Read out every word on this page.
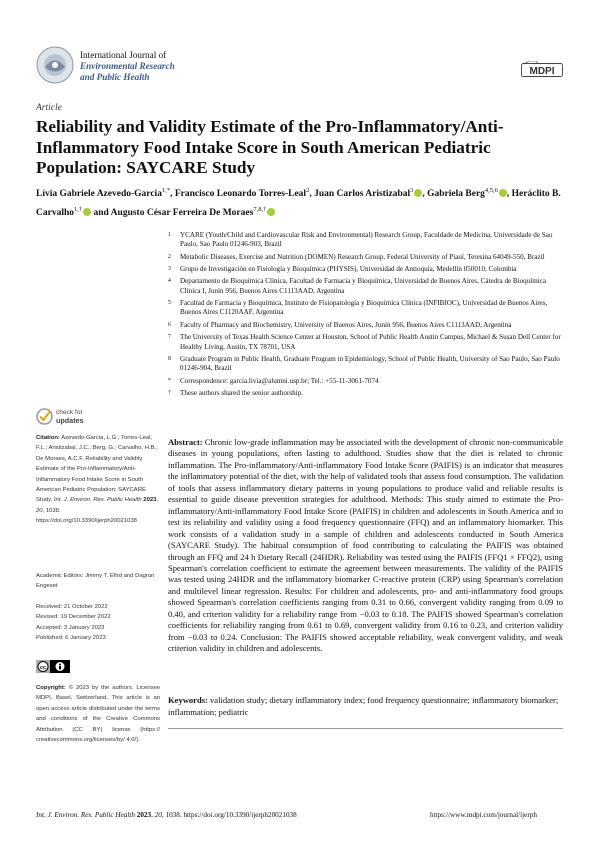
International Journal of
Environmental Research
and Public Health	MDPI
Article
Reliability and Validity Estimate of the Pro-Inflammatory/Anti-Inflammatory Food Intake Score in South American Pediatric Population: SAYCARE Study
Lívia Gabriele Azevedo-Garcia$^{1,*}$, Francisco Leonardo Torres-Leal$^2$, Juan Carlos Aristizabal$^3$ , Gabriela Berg$^{4,5,6}$ , Heráclito B. Carvalho$^{1,\dagger}$ and Augusto César Ferreira De Moraes$^{7,8,\dagger}$
1	YCARE (Youth/Child and Cardiovascular Risk and Environmental) Research Group, Faculdade de Medicina, Universidade de Sao Paulo, Sao Paulo 01246-903, Brazil
2	Metabolic Diseases, Exercise and Nutrition (DOMEN) Research Group, Federal University of Piauí, Teresina 64049-550, Brazil
3	Grupo de Investigación en Fisiología y Bioquímica (PHYSIS), Universidad de Antioquia, Medellín 050010, Colombia
4	Departamento de Bioquímica Clínica, Facultad de Farmacia y Bioquímica, Universidad de Buenos Aires, Cátedra de Bioquímica Clínica I, Junín 956, Buenos Aires C1113AAD, Argentina
5	Facultad de Farmacia y Bioquímica, Instituto de Fisiopatología y Bioquímica Clínica (INFIBIOC), Universidad de Buenos Aires, Buenos Aires C1120AAF, Argentina
6	Faculty of Pharmacy and Biochemistry, University of Buenos Aires, Junín 956, Buenos Aires C1113AAD, Argentina
7	The University of Texas Health Science Center at Houston, School of Public Health Austin Campus, Michael & Susan Dell Center for Healthy Living, Austin, TX 78701, USA
8	Graduate Program in Public Health, Graduate Program in Epidemiology, School of Public Health, University of Sao Paulo, Sao Paulo 01246-904, Brazil
*	Correspondence: garcia.livia@alumni.usp.br; Tel.: +55-11-3061-7074
†	These authors shared the senior authorship.
check for
updates
Citation: Azevedo-Garcia, L.G.; Torres-Leal, F.L.; Aristizabal, J.C.; Berg, G.; Carvalho, H.B.; De Moraes, A.C.F. Reliability and Validity Estimate of the Pro-Inflammatory/Anti-Inflammatory Food Intake Score in South American Pediatric Population: SAYCARE Study. Int. J. Environ. Res. Public Health 2023, 20, 1038. https://doi.org/10.3390/ijerph20021038
Academic Editors: Jimmy T. Efird and Dagrun Engeset
Received: 21 October 2022
Revised: 19 December 2022
Accepted: 3 January 2023
Published: 6 January 2023
cc
Copyright: © 2023 by the authors. Licensee MDPI, Basel, Switzerland. This article is an open access article distributed under the terms and conditions of the Creative Commons Attribution (CC BY) license (https:// creativecommons.org/licenses/by/ 4.0/).
Abstract: Chronic low-grade inflammation may be associated with the development of chronic non-communicable diseases in young populations, often lasting to adulthood. Studies show that the diet is related to chronic inflammation. The Pro-inflammatory/Anti-inflammatory Food Intake Score (PAIFIS) is an indicator that measures the inflammatory potential of the diet, with the help of validated tools that assess food consumption. The validation of tools that assess inflammatory dietary patterns in young populations to produce valid and reliable results is essential to guide disease prevention strategies for adulthood. Methods: This study aimed to estimate the Pro-inflammatory/Anti-inflammatory Food Intake Score (PAIFIS) in children and adolescents in South America and to test its reliability and validity using a food frequency questionnaire (FFQ) and an inflammatory biomarker. This work consists of a validation study in a sample of children and adolescents conducted in South America (SAYCARE Study). The habitual consumption of food contributing to calculating the PAIFIS was obtained through an FFQ and 24 h Dietary Recall (24HDR). Reliability was tested using the PAIFIS (FFQ1 × FFQ2), using Spearman's correlation coefficient to estimate the agreement between measurements. The validity of the PAIFIS was tested using 24HDR and the inflammatory biomarker C-reactive protein (CRP) using Spearman's correlation and multilevel linear regression. Results: For children and adolescents, pro- and anti-inflammatory food groups showed Spearman's correlation coefficients ranging from 0.31 to 0.66, convergent validity ranging from 0.09 to 0.40, and criterion validity for a reliability range from −0.03 to 0.18. The PAIFIS showed Spearman's correlation coefficients for reliability ranging from 0.61 to 0.69, convergent validity from 0.16 to 0.23, and criterion validity from −0.03 to 0.24. Conclusion: The PAIFIS showed acceptable reliability, weak convergent validity, and weak criterion validity in children and adolescents.
Keywords: validation study; dietary inflammatory index; food frequency questionnaire; inflammatory biomarker; inflammation; pediatric
Int. J. Environ. Res. Public Health 2023, 20, 1038. https://doi.org/10.3390/ijerph20021038	https://www.mdpi.com/journal/ijerph
